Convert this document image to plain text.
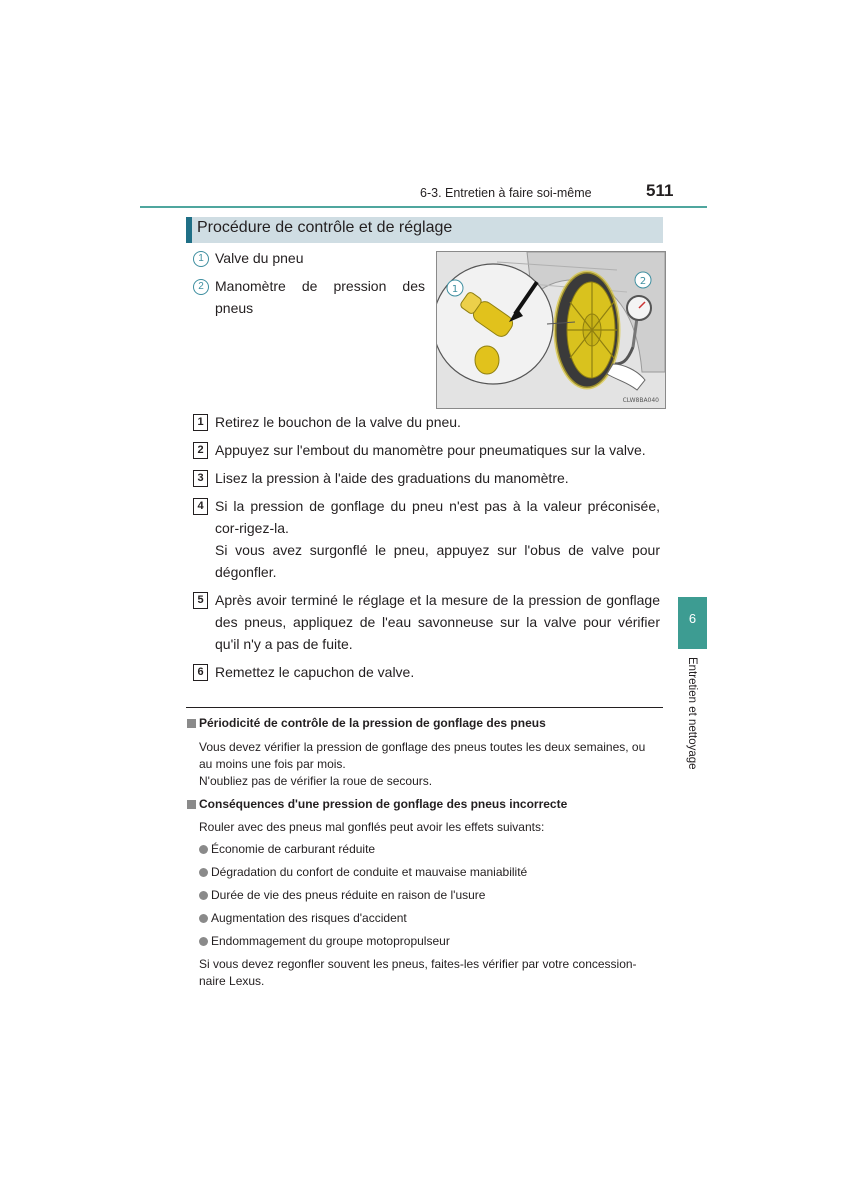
6-3. Entretien à faire soi-même	511
Procédure de contrôle et de réglage
1 Valve du pneu
2 Manomètre de pression des
pneus
1
2
CLW8BA040
1 Retirez le bouchon de la valve du pneu.
2 Appuyez sur l'embout du manomètre pour pneumatiques sur la valve.
3 Lisez la pression à l'aide des graduations du manomètre.
4 Si la pression de gonflage du pneu n'est pas à la valeur préconisée, cor-rigez-la.
Si vous avez surgonflé le pneu, appuyez sur l'obus de valve pour dégonfler.
5 Après avoir terminé le réglage et la mesure de la pression de gonflage des pneus, appliquez de l'eau savonneuse sur la valve pour vérifier qu'il n'y a pas de fuite.
6 Remettez le capuchon de valve.
Périodicité de contrôle de la pression de gonflage des pneus
Vous devez vérifier la pression de gonflage des pneus toutes les deux semaines, ou au moins une fois par mois.
N'oubliez pas de vérifier la roue de secours.
Conséquences d'une pression de gonflage des pneus incorrecte
Rouler avec des pneus mal gonflés peut avoir les effets suivants:
Économie de carburant réduite
Dégradation du confort de conduite et mauvaise maniabilité
Durée de vie des pneus réduite en raison de l'usure
Augmentation des risques d'accident
Endommagement du groupe motopropulseur
Si vous devez regonfler souvent les pneus, faites-les vérifier par votre concession-naire Lexus.
6
Entretien et nettoyage
